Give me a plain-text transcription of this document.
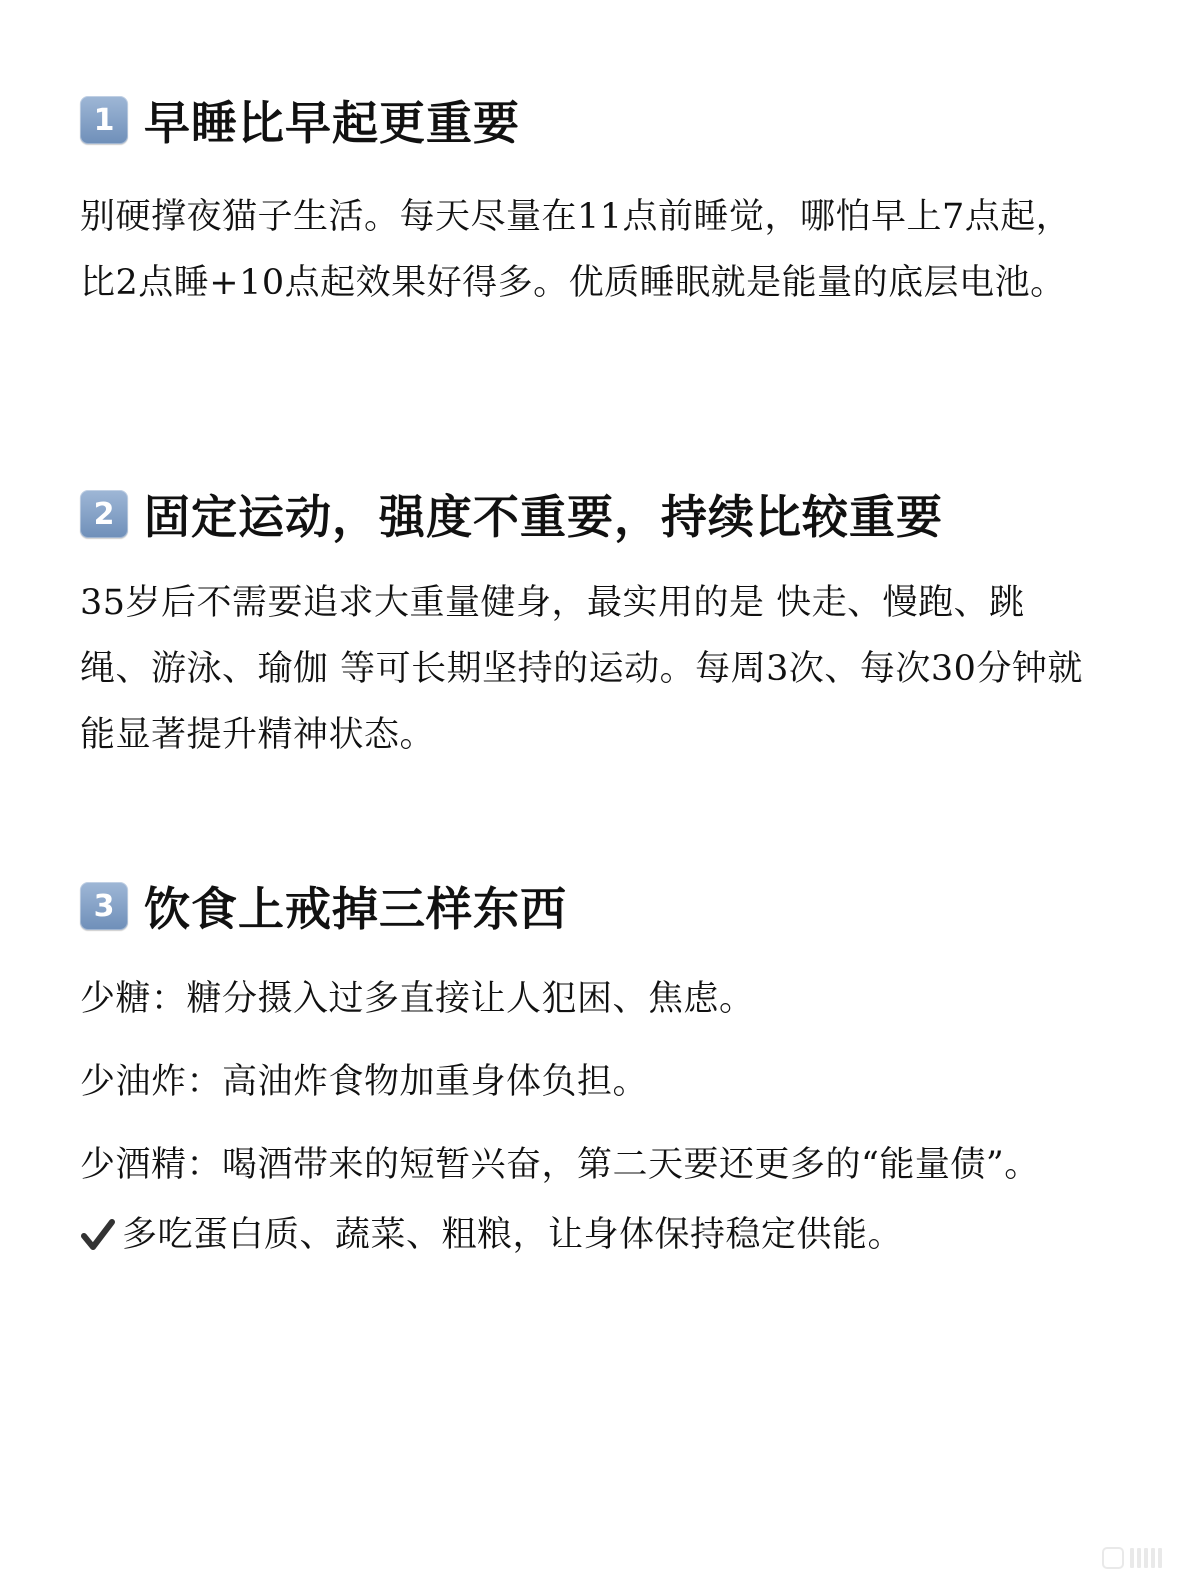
1 早睡比早起更重要

别硬撑夜猫子生活。每天尽量在11点前睡觉，哪怕早上7点起，比2点睡+10点起效果好得多。优质睡眠就是能量的底层电池。

2 固定运动，强度不重要，持续比较重要

35岁后不需要追求大重量健身，最实用的是 快走、慢跑、跳绳、游泳、瑜伽 等可长期坚持的运动。每周3次、每次30分钟就能显著提升精神状态。

3 饮食上戒掉三样东西

少糖：糖分摄入过多直接让人犯困、焦虑。

少油炸：高油炸食物加重身体负担。

少酒精：喝酒带来的短暂兴奋，第二天要还更多的“能量债”。

多吃蛋白质、蔬菜、粗粮，让身体保持稳定供能。
